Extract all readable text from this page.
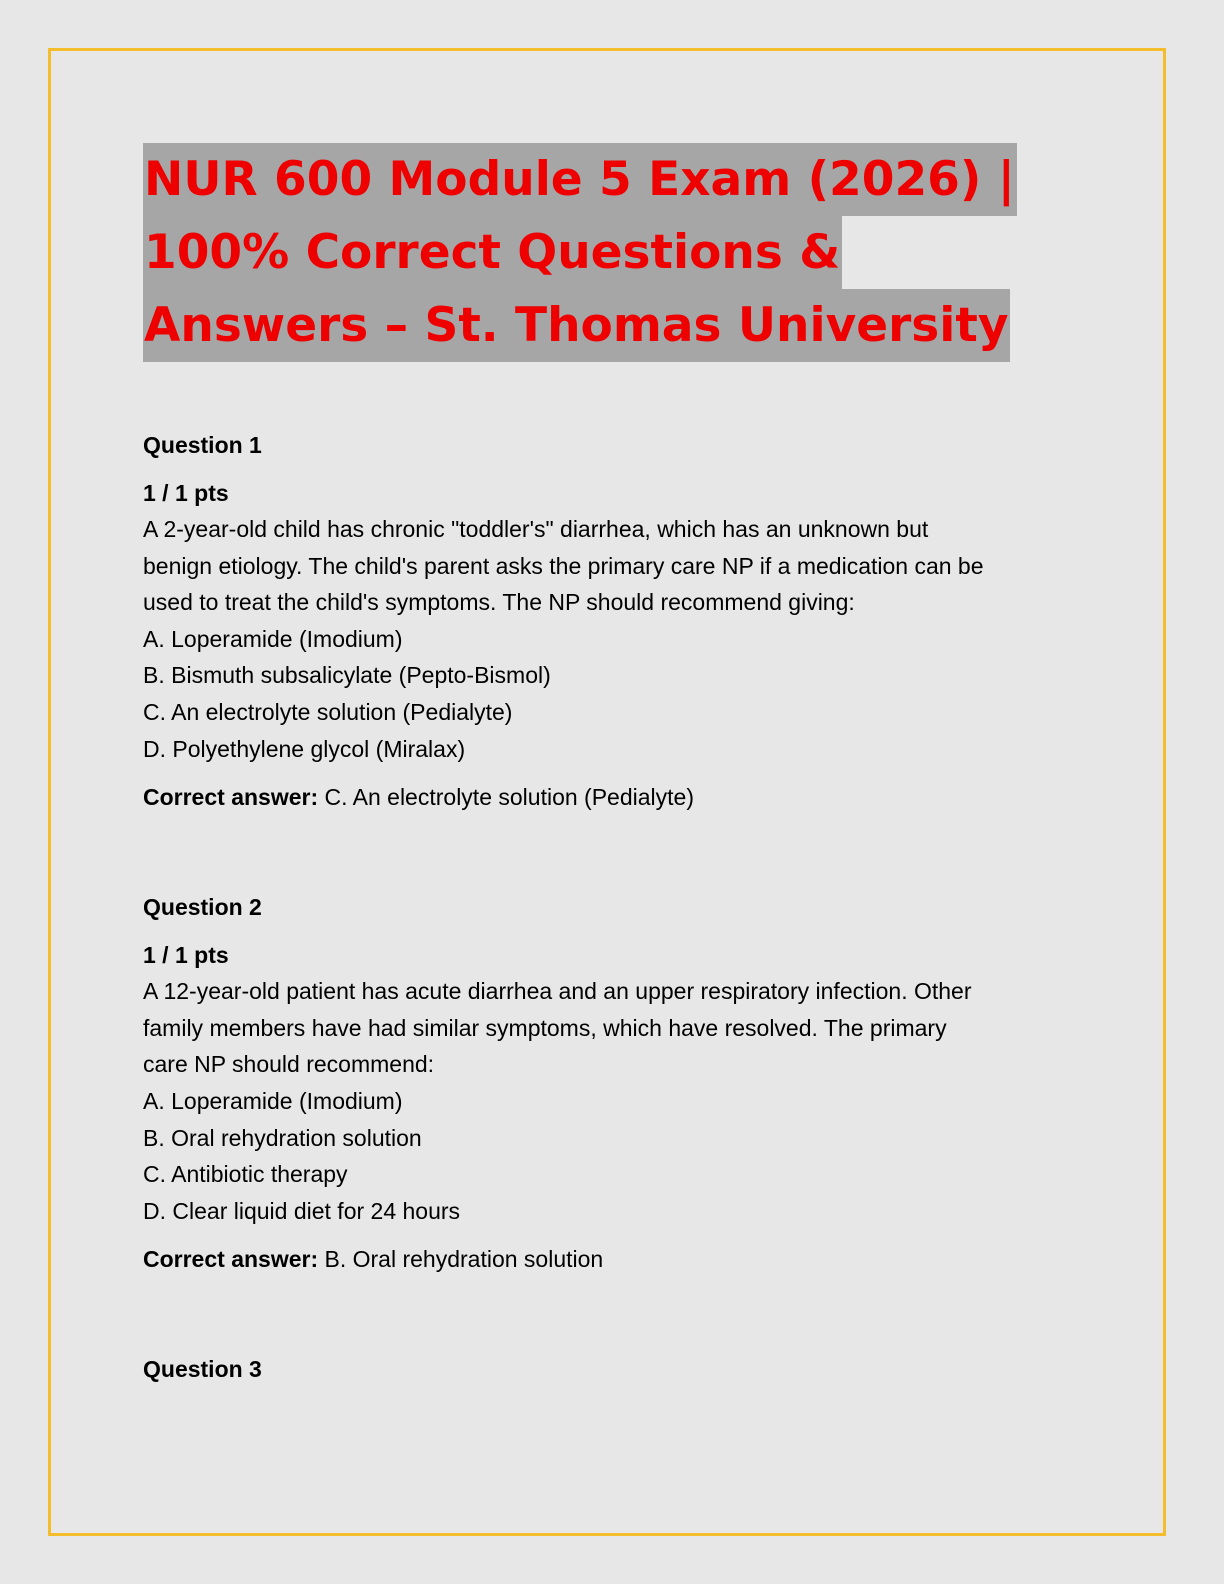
NUR 600 Module 5 Exam (2026) |
100% Correct Questions &
Answers – St. Thomas University
Question 1
1 / 1 pts
A 2-year-old child has chronic "toddler's" diarrhea, which has an unknown but
benign etiology. The child's parent asks the primary care NP if a medication can be
used to treat the child's symptoms. The NP should recommend giving:
A. Loperamide (Imodium)
B. Bismuth subsalicylate (Pepto-Bismol)
C. An electrolyte solution (Pedialyte)
D. Polyethylene glycol (Miralax)
Correct answer: C. An electrolyte solution (Pedialyte)
Question 2
1 / 1 pts
A 12-year-old patient has acute diarrhea and an upper respiratory infection. Other
family members have had similar symptoms, which have resolved. The primary
care NP should recommend:
A. Loperamide (Imodium)
B. Oral rehydration solution
C. Antibiotic therapy
D. Clear liquid diet for 24 hours
Correct answer: B. Oral rehydration solution
Question 3
